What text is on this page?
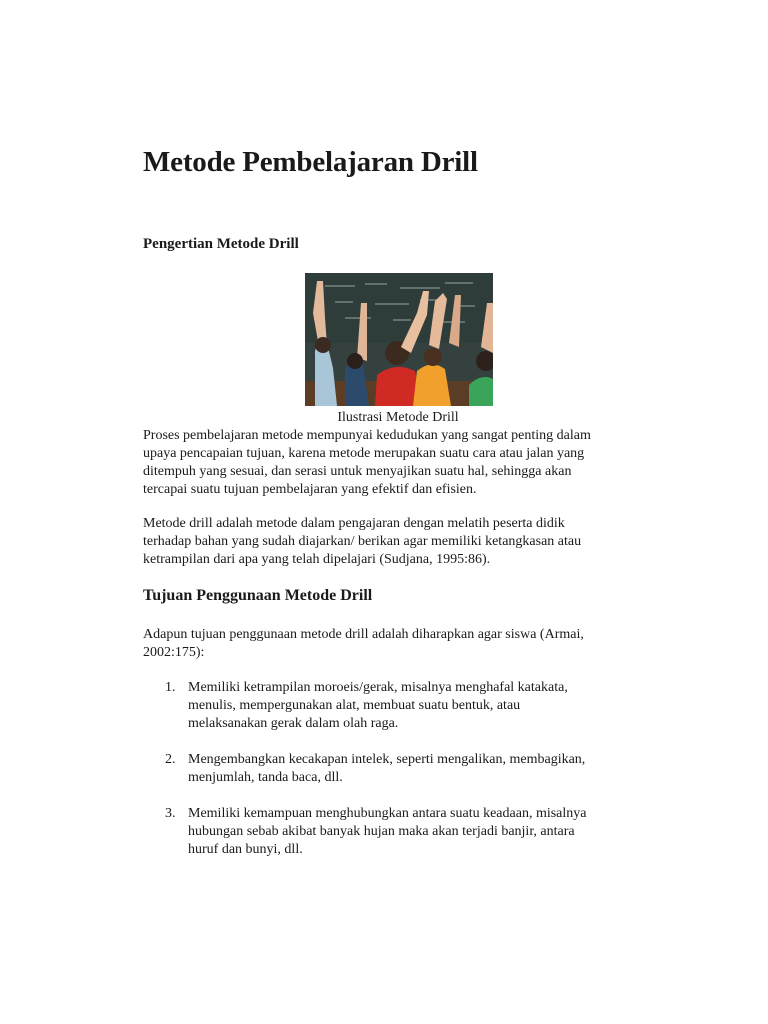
Metode Pembelajaran Drill
Pengertian Metode Drill
Ilustrasi Metode Drill

Proses pembelajaran metode mempunyai kedudukan yang sangat penting dalam
upaya pencapaian tujuan, karena metode merupakan suatu cara atau jalan yang
ditempuh yang sesuai, dan serasi untuk menyajikan suatu hal, sehingga akan
tercapai suatu tujuan pembelajaran yang efektif dan efisien.

Metode drill adalah metode dalam pengajaran dengan melatih peserta didik
terhadap bahan yang sudah diajarkan/ berikan agar memiliki ketangkasan atau
ketrampilan dari apa yang telah dipelajari (Sudjana, 1995:86).

Tujuan Penggunaan Metode Drill

Adapun tujuan penggunaan metode drill adalah diharapkan agar siswa (Armai,
2002:175):

1. Memiliki ketrampilan moroeis/gerak, misalnya menghafal katakata,
menulis, mempergunakan alat, membuat suatu bentuk, atau
melaksanakan gerak dalam olah raga.
2. Mengembangkan kecakapan intelek, seperti mengalikan, membagikan,
menjumlah, tanda baca, dll.
3. Memiliki kemampuan menghubungkan antara suatu keadaan, misalnya
hubungan sebab akibat banyak hujan maka akan terjadi banjir, antara
huruf dan bunyi, dll.
